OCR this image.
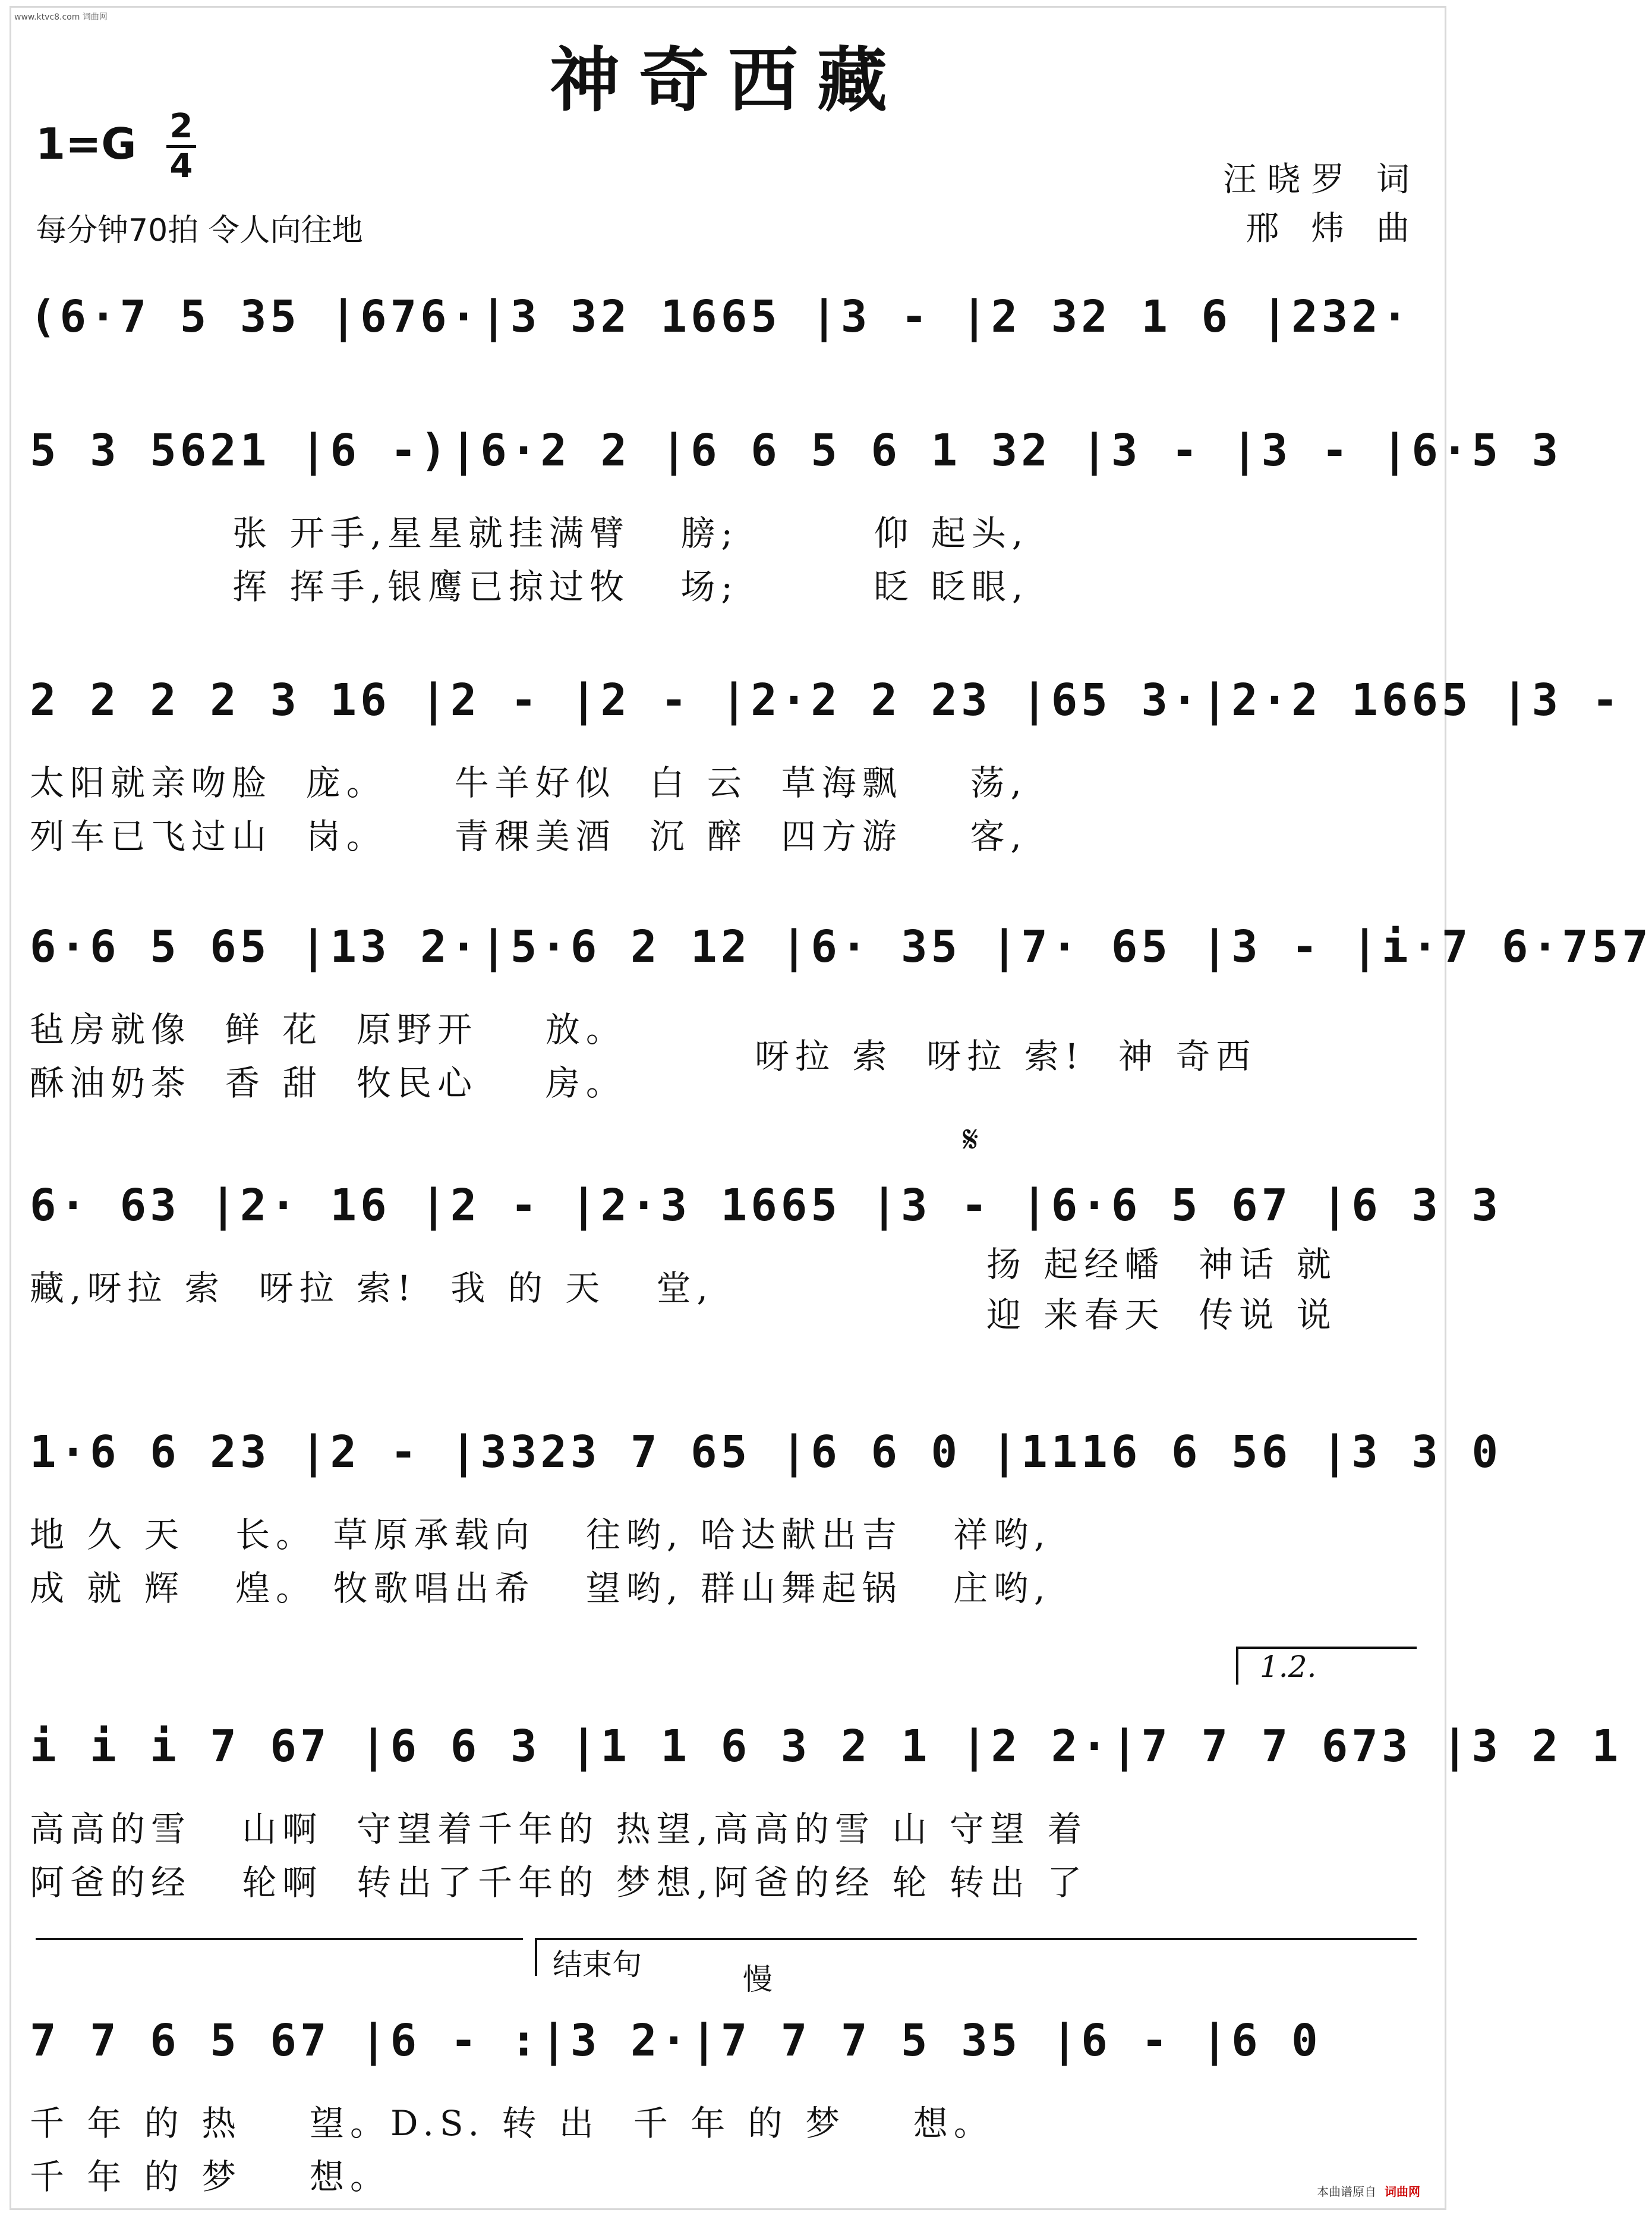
www.ktvc8.com 词曲网
神奇西藏
1=G 2
4
每分钟70拍 令人向往地
汪晓罗 词
邢 炜 曲
(6·7 5 35 |676·|3 32 1665 |3 - |2 32 1 6 |232·
5 3 5621 |6 -)|6·2 2 |6 6 5 6 1 32 |3 - |3 - |6·5 3
张 开手,星星就挂满臂   膀;        仰 起头,
挥 挥手,银鹰已掠过牧   场;        眨 眨眼,
2 2 2 2 3 16 |2 - |2 - |2·2 2 23 |65 3·|2·2 1665 |3 -
太阳就亲吻脸  庞。    牛羊好似  白 云  草海飘    荡,
列车已飞过山  岗。    青稞美酒  沉 醉  四方游    客,
6·6 5 65 |13 2·|5·6 2 12 |6· 35 |7· 65 |3 - |i·7 6·757
毡房就像  鲜 花  原野开    放。
酥油奶茶  香 甜  牧民心    房。
呀拉 索  呀拉 索!  神 奇西
𝄋
6· 63 |2· 16 |2 - |2·3 1665 |3 - |6·6 5 67 |6 3 3
藏,呀拉 索  呀拉 索!  我 的 天   堂,
扬 起经幡  神话 就
迎 来春天  传说 说
1·6 6 23 |2 - |3323 7 65 |6 6 0 |1116 6 56 |3 3 0
地 久 天   长。 草原承载向   往哟, 哈达献出吉   祥哟,
成 就 辉   煌。 牧歌唱出希   望哟, 群山舞起锅   庄哟,
1.2.
i i i 7 67 |6 6 3 |1 1 6 3 2 1 |2 2·|7 7 7 673 |3 2 1
高高的雪   山啊  守望着千年的 热望,高高的雪 山 守望 着
阿爸的经   轮啊  转出了千年的 梦想,阿爸的经 轮 转出 了
结束句	慢
7 7 6 5 67 |6 - :|3 2·|7 7 7 5 35 |6 - |6 0
千 年 的 热    望。D.S. 转 出  千 年 的 梦    想。
千 年 的 梦    想。	本曲谱原自 词曲网
